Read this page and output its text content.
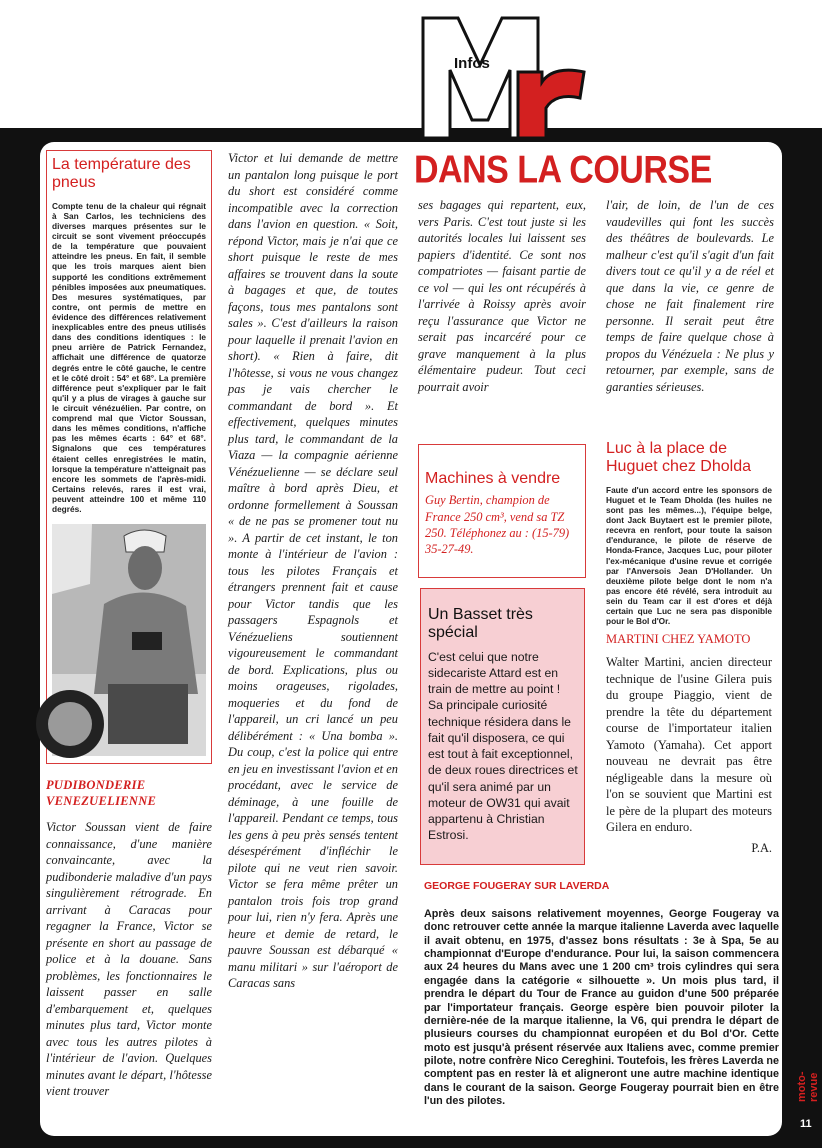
Infos

La température des pneus

Compte tenu de la chaleur qui régnait à San Carlos, les techniciens des diverses marques présentes sur le circuit se sont vivement préoccupés de la température que pouvaient atteindre les pneus. En fait, il semble que les trois marques aient bien supporté les conditions extrêmement pénibles imposées aux pneumatiques. Des mesures systématiques, par contre, ont permis de mettre en évidence des différences relativement inexplicables entre des pneus utilisés dans des conditions identiques : le pneu arrière de Patrick Fernandez, affichait une différence de quatorze degrés entre le côté gauche, le centre et le côté droit : 54° et 68°. La première différence peut s'expliquer par le fait qu'il y a plus de virages à gauche sur le circuit vénézuélien. Par contre, on comprend mal que Victor Soussan, dans les mêmes conditions, n'affiche pas les mêmes écarts : 64° et 68°. Signalons que ces températures étaient celles enregistrées le matin, lorsque la température n'atteignait pas encore les sommets de l'après-midi. Certains relevés, rares il est vrai, peuvent atteindre 100 et même 110 degrés.

PUDIBONDERIE VENEZUELIENNE

Victor Soussan vient de faire connaissance, d'une manière convaincante, avec la pudibonderie maladive d'un pays singulièrement rétrograde. En arrivant à Caracas pour regagner la France, Victor se présente en short au passage de police et à la douane. Sans problèmes, les fonctionnaires le laissent passer en salle d'embarquement et, quelques minutes plus tard, Victor monte avec tous les autres pilotes à l'intérieur de l'avion. Quelques minutes avant le départ, l'hôtesse vient trouver

Victor et lui demande de mettre un pantalon long puisque le port du short est considéré comme incompatible avec la correction dans l'avion en question. « Soit, répond Victor, mais je n'ai que ce short puisque le reste de mes affaires se trouvent dans la soute à bagages et que, de toutes façons, tous mes pantalons sont sales ». C'est d'ailleurs la raison pour laquelle il prenait l'avion en short). « Rien à faire, dit l'hôtesse, si vous ne vous changez pas je vais chercher le commandant de bord ». Et effectivement, quelques minutes plus tard, le commandant de la Viaza — la compagnie aérienne Vénézuelienne — se déclare seul maître à bord après Dieu, et ordonne formellement à Soussan « de ne pas se promener tout nu ». A partir de cet instant, le ton monte à l'intérieur de l'avion : tous les pilotes Français et étrangers prennent fait et cause pour Victor tandis que les passagers Espagnols et Vénézueliens soutiennent vigoureusement le commandant de bord. Explications, plus ou moins orageuses, rigolades, moqueries et du fond de l'appareil, un cri lancé un peu délibérément : « Una bomba ». Du coup, c'est la police qui entre en jeu en investissant l'avion et en procédant, avec le service de déminage, à une fouille de l'appareil. Pendant ce temps, tous les gens à peu près sensés tentent désespérément d'infléchir le pilote qui ne veut rien savoir. Victor se fera même prêter un pantalon trois fois trop grand pour lui, rien n'y fera. Après une heure et demie de retard, le pauvre Soussan est débarqué « manu militari » sur l'aéroport de Caracas sans

DANS LA COURSE

ses bagages qui repartent, eux, vers Paris. C'est tout juste si les autorités locales lui laissent ses papiers d'identité. Ce sont nos compatriotes — faisant partie de ce vol — qui les ont récupérés à l'arrivée à Roissy après avoir reçu l'assurance que Victor ne serait pas incarcéré pour ce grave manquement à la plus élémentaire pudeur. Tout ceci pourrait avoir

Machines à vendre

Guy Bertin, champion de France 250 cm³, vend sa TZ 250. Téléphonez au : (15-79) 35-27-49.

Un Basset très spécial

C'est celui que notre sidecariste Attard est en train de mettre au point ! Sa principale curiosité technique résidera dans le fait qu'il disposera, ce qui est tout à fait exceptionnel, de deux roues directrices et qu'il sera animé par un moteur de OW31 qui avait appartenu à Christian Estrosi.

l'air, de loin, de l'un de ces vaudevilles qui font les succès des théâtres de boulevards. Le malheur c'est qu'il s'agit d'un fait divers tout ce qu'il y a de réel et que dans la vie, ce genre de chose ne fait finalement rire personne. Il serait peut être temps de faire quelque chose à propos du Vénézuela : Ne plus y retourner, par exemple, sans de garanties sérieuses.

Luc à la place de Huguet chez Dholda

Faute d'un accord entre les sponsors de Huguet et le Team Dholda (les huiles ne sont pas les mêmes...), l'équipe belge, dont Jack Buytaert est le premier pilote, recevra en renfort, pour toute la saison d'endurance, le pilote de réserve de Honda-France, Jacques Luc, pour piloter l'ex-mécanique d'usine revue et corrigée par l'Anversois Jean D'Hollander. Un deuxième pilote belge dont le nom n'a pas encore été révélé, sera introduit au sein du Team car il est d'ores et déjà certain que Luc ne sera pas disponible pour le Bol d'Or.

MARTINI CHEZ YAMOTO

Walter Martini, ancien directeur technique de l'usine Gilera puis du groupe Piaggio, vient de prendre la tête du département course de l'importateur italien Yamoto (Yamaha). Cet apport nouveau ne devrait pas être négligeable dans la mesure où l'on se souvient que Martini est le père de la plupart des moteurs Gilera en enduro.

P.A.

GEORGE FOUGERAY SUR LAVERDA

Après deux saisons relativement moyennes, George Fougeray va donc retrouver cette année la marque italienne Laverda avec laquelle il avait obtenu, en 1975, d'assez bons résultats : 3e à Spa, 5e au championnat d'Europe d'endurance. Pour lui, la saison commencera aux 24 heures du Mans avec une 1 200 cm³ trois cylindres qui sera engagée dans la catégorie « silhouette ». Un mois plus tard, il prendra le départ du Tour de France au guidon d'une 500 préparée par l'importateur français. George espère bien pouvoir piloter la dernière-née de la marque italienne, la V6, qui prendra le départ de plusieurs courses du championnat européen et du Bol d'Or. Cette moto est jusqu'à présent réservée aux Italiens avec, comme premier pilote, notre confrère Nico Cereghini. Toutefois, les frères Laverda ne comptent pas en rester là et aligneront une autre machine identique dans le courant de la saison. George Fougeray pourrait bien en être l'un des pilotes.	moto-revue
11
